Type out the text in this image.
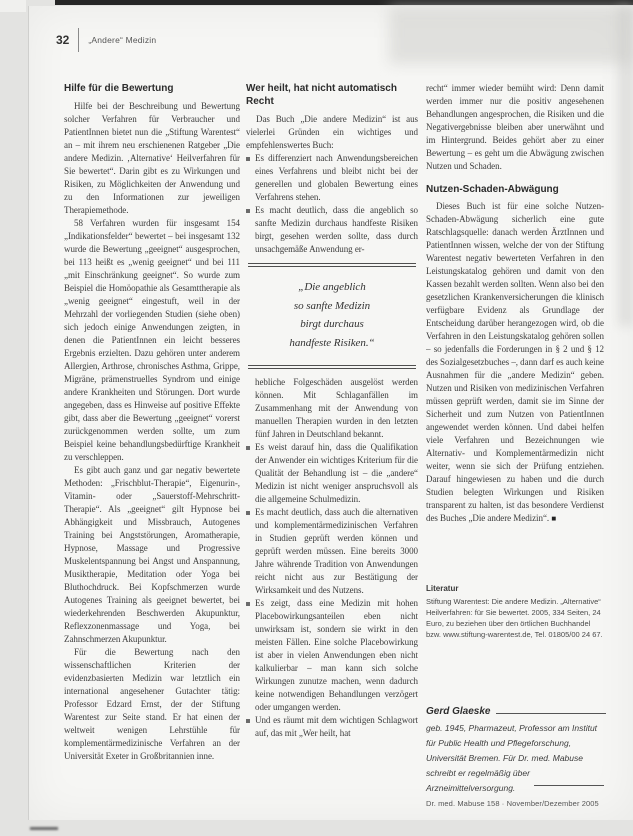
32 „Andere“ Medizin
Hilfe für die Bewertung

Hilfe bei der Beschreibung und Bewertung solcher Verfahren für Verbraucher und PatientInnen bietet nun die „Stiftung Warentest“ an – mit ihrem neu erschienenen Ratgeber „Die andere Medizin. ‚Alternative‘ Heilverfahren für Sie bewertet“. Darin gibt es zu Wirkungen und Risiken, zu Möglichkeiten der Anwendung und zu den Informationen zur jeweiligen Therapiemethode.

58 Verfahren wurden für insgesamt 154 „Indikationsfelder“ bewertet – bei insgesamt 132 wurde die Bewertung „geeignet“ ausgesprochen, bei 113 heißt es „wenig geeignet“ und bei 111 „mit Einschränkung geeignet“. So wurde zum Beispiel die Homöopathie als Gesamttherapie als „wenig geeignet“ eingestuft, weil in der Mehrzahl der vorliegenden Studien (siehe oben) sich jedoch einige Anwendungen zeigten, in denen die PatientInnen ein leicht besseres Ergebnis erzielten. Dazu gehören unter anderem Allergien, Arthrose, chronisches Asthma, Grippe, Migräne, prämenstruelles Syndrom und einige andere Krankheiten und Störungen. Dort wurde angegeben, dass es Hinweise auf positive Effekte gibt, dass aber die Bewertung „geeignet“ vorerst zurückgenommen werden sollte, um zum Beispiel keine behandlungsbedürftige Krankheit zu verschleppen.

Es gibt auch ganz und gar negativ bewertete Methoden: „Frischblut-Therapie“, Eigenurin-, Vitamin- oder „Sauerstoff-Mehrschritt-Therapie“. Als „geeignet“ gilt Hypnose bei Abhängigkeit und Missbrauch, Autogenes Training bei Angststörungen, Aromatherapie, Hypnose, Massage und Progressive Muskelentspannung bei Angst und Anspannung, Musiktherapie, Meditation oder Yoga bei Bluthochdruck. Bei Kopfschmerzen wurde Autogenes Training als geeignet bewertet, bei wiederkehrenden Beschwerden Akupunktur, Reflexzonenmassage und Yoga, bei Zahnschmerzen Akupunktur.

Für die Bewertung nach den wissenschaftlichen Kriterien der evidenzbasierten Medizin war letztlich ein international angesehener Gutachter tätig: Professor Edzard Ernst, der der Stiftung Warentest zur Seite stand. Er hat einen der weltweit wenigen Lehrstühle für komplementärmedizinische Verfahren an der Universität Exeter in Großbritannien inne.

Wer heilt, hat nicht automatisch Recht

Das Buch „Die andere Medizin“ ist aus vielerlei Gründen ein wichtiges und empfehlenswertes Buch:

Es differenziert nach Anwendungsbereichen eines Verfahrens und bleibt nicht bei der generellen und globalen Bewertung eines Verfahrens stehen.
Es macht deutlich, dass die angeblich so sanfte Medizin durchaus handfeste Risiken birgt, gesehen werden sollte, dass durch unsachgemäße Anwendung er-
„Die angeblich
so sanfte Medizin
birgt durchaus
handfeste Risiken.“

hebliche Folgeschäden ausgelöst werden können. Mit Schlaganfällen im Zusammenhang mit der Anwendung von manuellen Therapien wurden in den letzten fünf Jahren in Deutschland bekannt.

Es weist darauf hin, dass die Qualifikation der Anwender ein wichtiges Kriterium für die Qualität der Behandlung ist – die „andere“ Medizin ist nicht weniger anspruchsvoll als die allgemeine Schulmedizin.
Es macht deutlich, dass auch die alternativen und komplementärmedizinischen Verfahren in Studien geprüft werden können und geprüft werden müssen. Eine bereits 3000 Jahre währende Tradition von Anwendungen reicht nicht aus zur Bestätigung der Wirksamkeit und des Nutzens.
Es zeigt, dass eine Medizin mit hohen Placebowirkungsanteilen eben nicht unwirksam ist, sondern sie wirkt in den meisten Fällen. Eine solche Placebowirkung ist aber in vielen Anwendungen eben nicht kalkulierbar – man kann sich solche Wirkungen zunutze machen, wenn dadurch keine notwendigen Behandlungen verzögert oder umgangen werden.
Und es räumt mit dem wichtigen Schlagwort auf, das mit „Wer heilt, hat

recht“ immer wieder bemüht wird: Denn damit werden immer nur die positiv angesehenen Behandlungen angesprochen, die Risiken und die Negativergebnisse bleiben aber unerwähnt und im Hintergrund. Beides gehört aber zu einer Bewertung – es geht um die Abwägung zwischen Nutzen und Schaden.

Nutzen-Schaden-Abwägung

Dieses Buch ist für eine solche Nutzen-Schaden-Abwägung sicherlich eine gute Ratschlagsquelle: danach werden ÄrztInnen und PatientInnen wissen, welche der von der Stiftung Warentest negativ bewerteten Verfahren in den Leistungskatalog gehören und damit von den Kassen bezahlt werden sollten. Wenn also bei den gesetzlichen Krankenversicherungen die klinisch verfügbare Evidenz als Grundlage der Entscheidung darüber herangezogen wird, ob die Verfahren in den Leistungskatalog gehören sollen – so jedenfalls die Forderungen in § 2 und § 12 des Sozialgesetzbuches –, dann darf es auch keine Ausnahmen für die „andere Medizin“ geben. Nutzen und Risiken von medizinischen Verfahren müssen geprüft werden, damit sie im Sinne der Sicherheit und zum Nutzen von PatientInnen angewendet werden können. Und dabei helfen viele Verfahren und Bezeichnungen wie Alternativ- und Komplementärmedizin nicht weiter, wenn sie sich der Prüfung entziehen. Darauf hingewiesen zu haben und die durch Studien belegten Wirkungen und Risiken transparent zu halten, ist das besondere Verdienst des Buches „Die andere Medizin“. ■

Literatur
Stiftung Warentest: Die andere Medizin. „Alternative“ Heilverfahren: für Sie bewertet. 2005, 334 Seiten, 24 Euro, zu beziehen über den örtlichen Buchhandel bzw. www.stiftung-warentest.de, Tel. 01805/00 24 67.
Gerd Glaeske
geb. 1945, Pharmazeut, Professor am Institut für Public Health und Pflegeforschung, Universität Bremen. Für Dr. med. Mabuse schreibt er regelmäßig über Arzneimittelversorgung.
Dr. med. Mabuse 158 · November/Dezember 2005
